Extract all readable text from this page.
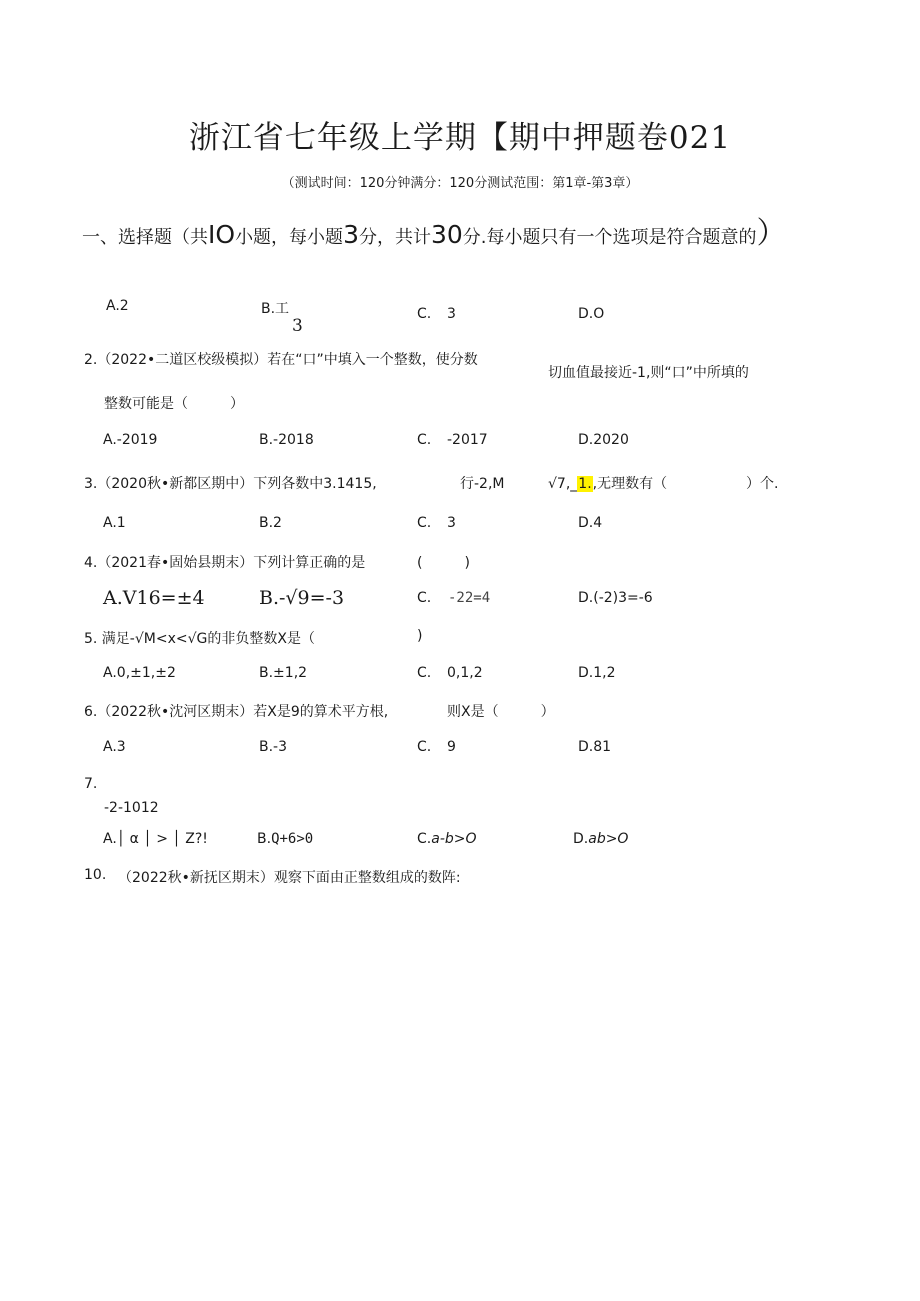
浙江省七年级上学期【期中押题卷021
（测试时间：120分钟满分：120分测试范围：第1章-第3章）
一、选择题（共IO小题，每小题3分，共计30分.每小题只有一个选项是符合题意的）
A.2	B.工
3
C. 3	D.O
2.（2022•二道区校级模拟）若在“口”中填入一个整数，使分数
切血值最接近-1,则“口”中所填的
整数可能是（　　　）
A.-2019	B.-2018	C. -2017	D.2020
3.（2020秋•新都区期中）下列各数中3.1415,	行-2,M	√7,_1.,无理数有（	）个.
A.1	B.2	C. 3	D.4
4.（2021春•固始县期末）下列计算正确的是	(　　　)
A.V16=±4	B.-√9=-3	C. -22=4	D.(-2)3=-6
5. 满足-√M<x<√G的非负整数X是（	)
A.0,±1,±2	B.±1,2	C. 0,1,2	D.1,2
6.（2022秋•沈河区期末）若X是9的算术平方根,	则X是（　　　）
A.3	B.-3	C. 9	D.81
7.
-2-1012
A.│ α │ > │ Z?!	B.Q+6>0	C.a-b>O	D.ab>O
10. （2022秋•新抚区期末）观察下面由正整数组成的数阵:
